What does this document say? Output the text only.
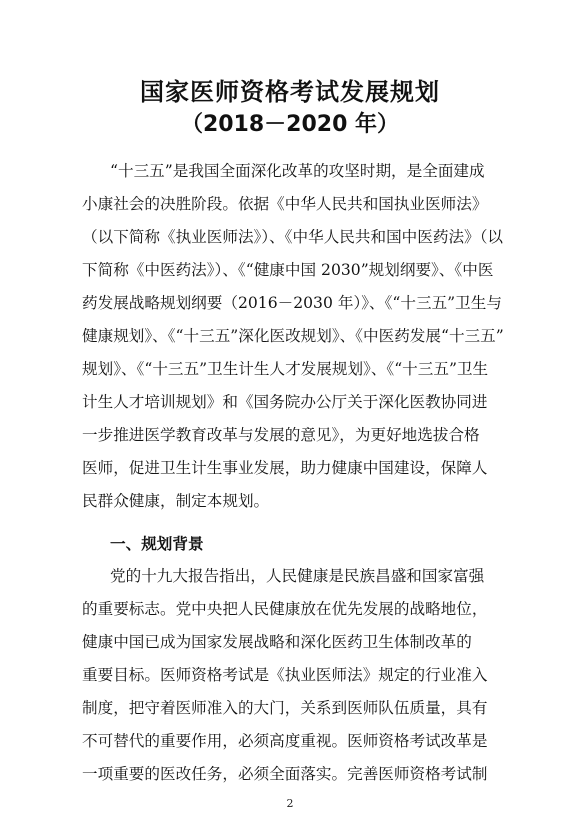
国家医师资格考试发展规划
（2018－2020 年）
“十三五”是我国全面深化改革的攻坚时期，是全面建成
小康社会的决胜阶段。依据《中华人民共和国执业医师法》
（以下简称《执业医师法》）、《中华人民共和国中医药法》（以
下简称《中医药法》）、《“健康中国 2030”规划纲要》、《中医
药发展战略规划纲要（2016－2030 年）》、《“十三五”卫生与
健康规划》、《“十三五”深化医改规划》、《中医药发展“十三五”
规划》、《“十三五”卫生计生人才发展规划》、《“十三五”卫生
计生人才培训规划》和《国务院办公厅关于深化医教协同进
一步推进医学教育改革与发展的意见》，为更好地选拔合格
医师，促进卫生计生事业发展，助力健康中国建设，保障人
民群众健康，制定本规划。
一、规划背景
党的十九大报告指出，人民健康是民族昌盛和国家富强
的重要标志。党中央把人民健康放在优先发展的战略地位，
健康中国已成为国家发展战略和深化医药卫生体制改革的
重要目标。医师资格考试是《执业医师法》规定的行业准入
制度，把守着医师准入的大门，关系到医师队伍质量，具有
不可替代的重要作用，必须高度重视。医师资格考试改革是
一项重要的医改任务，必须全面落实。完善医师资格考试制
2
